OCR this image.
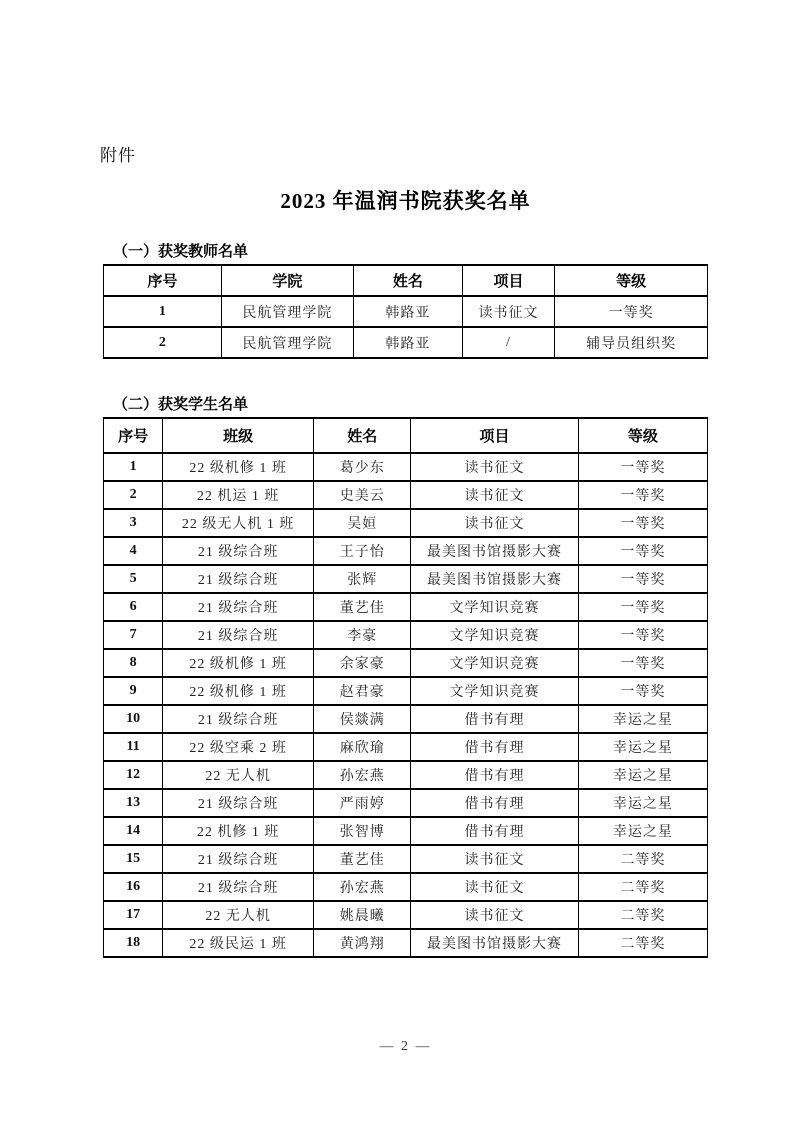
附件
2023 年温润书院获奖名单
（一）获奖教师名单
序号	学院	姓名	项目	等级
1	民航管理学院	韩路亚	读书征文	一等奖
2	民航管理学院	韩路亚	/	辅导员组织奖
（二）获奖学生名单
序号	班级	姓名	项目	等级
1	22 级机修 1 班	葛少东	读书征文	一等奖
2	22 机运 1 班	史美云	读书征文	一等奖
3	22 级无人机 1 班	吴姮	读书征文	一等奖
4	21 级综合班	王子怡	最美图书馆摄影大赛	一等奖
5	21 级综合班	张辉	最美图书馆摄影大赛	一等奖
6	21 级综合班	董艺佳	文学知识竞赛	一等奖
7	21 级综合班	李豪	文学知识竞赛	一等奖
8	22 级机修 1 班	余家豪	文学知识竞赛	一等奖
9	22 级机修 1 班	赵君豪	文学知识竞赛	一等奖
10	21 级综合班	侯燚满	借书有理	幸运之星
11	22 级空乘 2 班	麻欣瑜	借书有理	幸运之星
12	22 无人机	孙宏燕	借书有理	幸运之星
13	21 级综合班	严雨婷	借书有理	幸运之星
14	22 机修 1 班	张智博	借书有理	幸运之星
15	21 级综合班	董艺佳	读书征文	二等奖
16	21 级综合班	孙宏燕	读书征文	二等奖
17	22 无人机	姚晨曦	读书征文	二等奖
18	22 级民运 1 班	黄鸿翔	最美图书馆摄影大赛	二等奖
— 2 —
